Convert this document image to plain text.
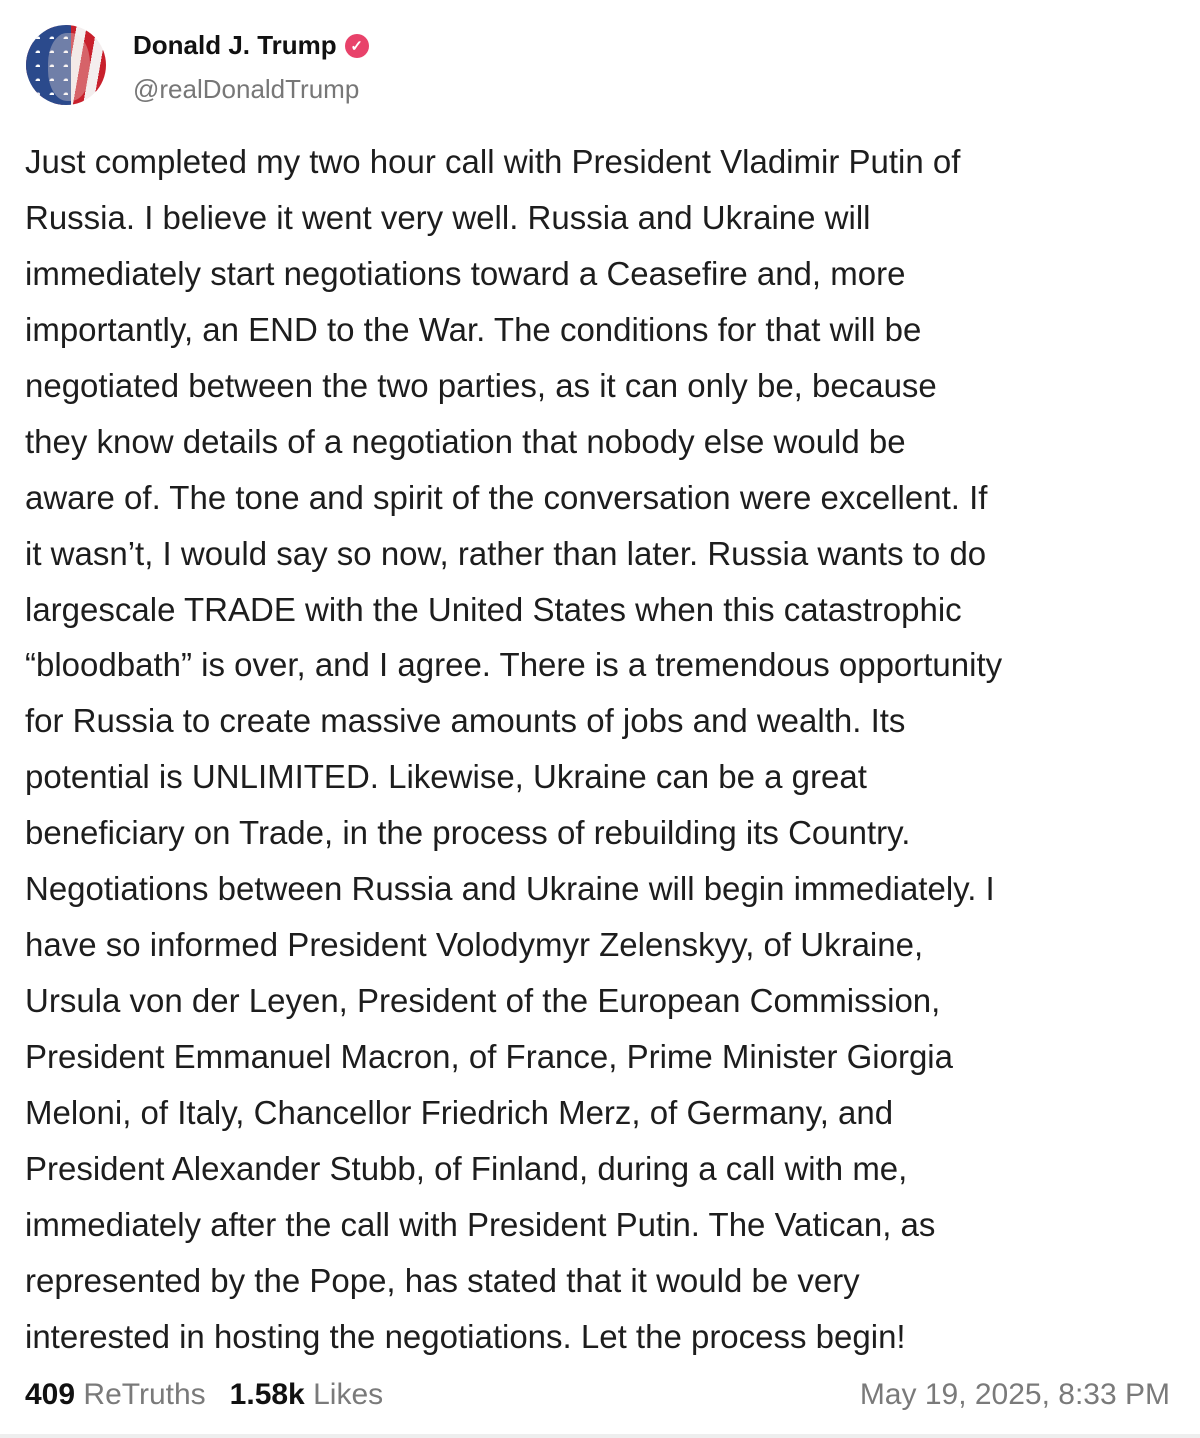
Donald J. Trump ✓
@realDonaldTrump
Just completed my two hour call with President Vladimir Putin of
Russia. I believe it went very well. Russia and Ukraine will
immediately start negotiations toward a Ceasefire and, more
importantly, an END to the War. The conditions for that will be
negotiated between the two parties, as it can only be, because
they know details of a negotiation that nobody else would be
aware of. The tone and spirit of the conversation were excellent. If
it wasn’t, I would say so now, rather than later. Russia wants to do
largescale TRADE with the United States when this catastrophic
“bloodbath” is over, and I agree. There is a tremendous opportunity
for Russia to create massive amounts of jobs and wealth. Its
potential is UNLIMITED. Likewise, Ukraine can be a great
beneficiary on Trade, in the process of rebuilding its Country.
Negotiations between Russia and Ukraine will begin immediately. I
have so informed President Volodymyr Zelenskyy, of Ukraine,
Ursula von der Leyen, President of the European Commission,
President Emmanuel Macron, of France, Prime Minister Giorgia
Meloni, of Italy, Chancellor Friedrich Merz, of Germany, and
President Alexander Stubb, of Finland, during a call with me,
immediately after the call with President Putin. The Vatican, as
represented by the Pope, has stated that it would be very
interested in hosting the negotiations. Let the process begin!
409 ReTruths 1.58k Likes	May 19, 2025, 8:33 PM
